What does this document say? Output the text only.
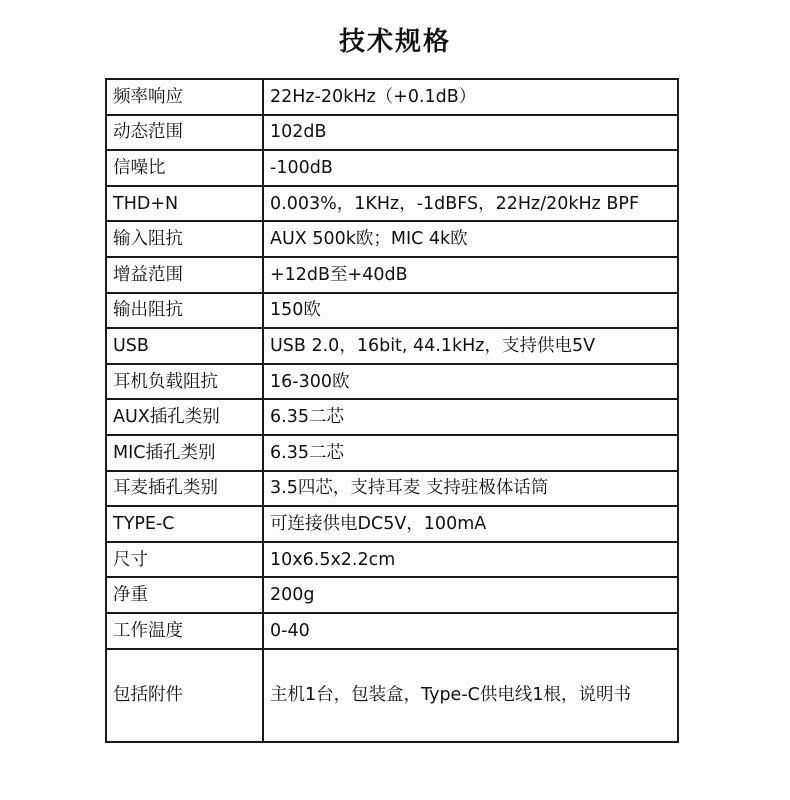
技术规格
频率响应	22Hz-20kHz（+0.1dB）
动态范围	102dB
信噪比	-100dB
THD+N	0.003%，1KHz，-1dBFS，22Hz/20kHz BPF
输入阻抗	AUX 500k欧；MIC 4k欧
增益范围	+12dB至+40dB
输出阻抗	150欧
USB	USB 2.0，16bit, 44.1kHz，支持供电5V
耳机负载阻抗	16-300欧
AUX插孔类别	6.35二芯
MIC插孔类别	6.35二芯
耳麦插孔类别	3.5四芯，支持耳麦 支持驻极体话筒
TYPE-C	可连接供电DC5V，100mA
尺寸	10x6.5x2.2cm
净重	200g
工作温度	0-40
包括附件	主机1台，包装盒，Type-C供电线1根，说明书
